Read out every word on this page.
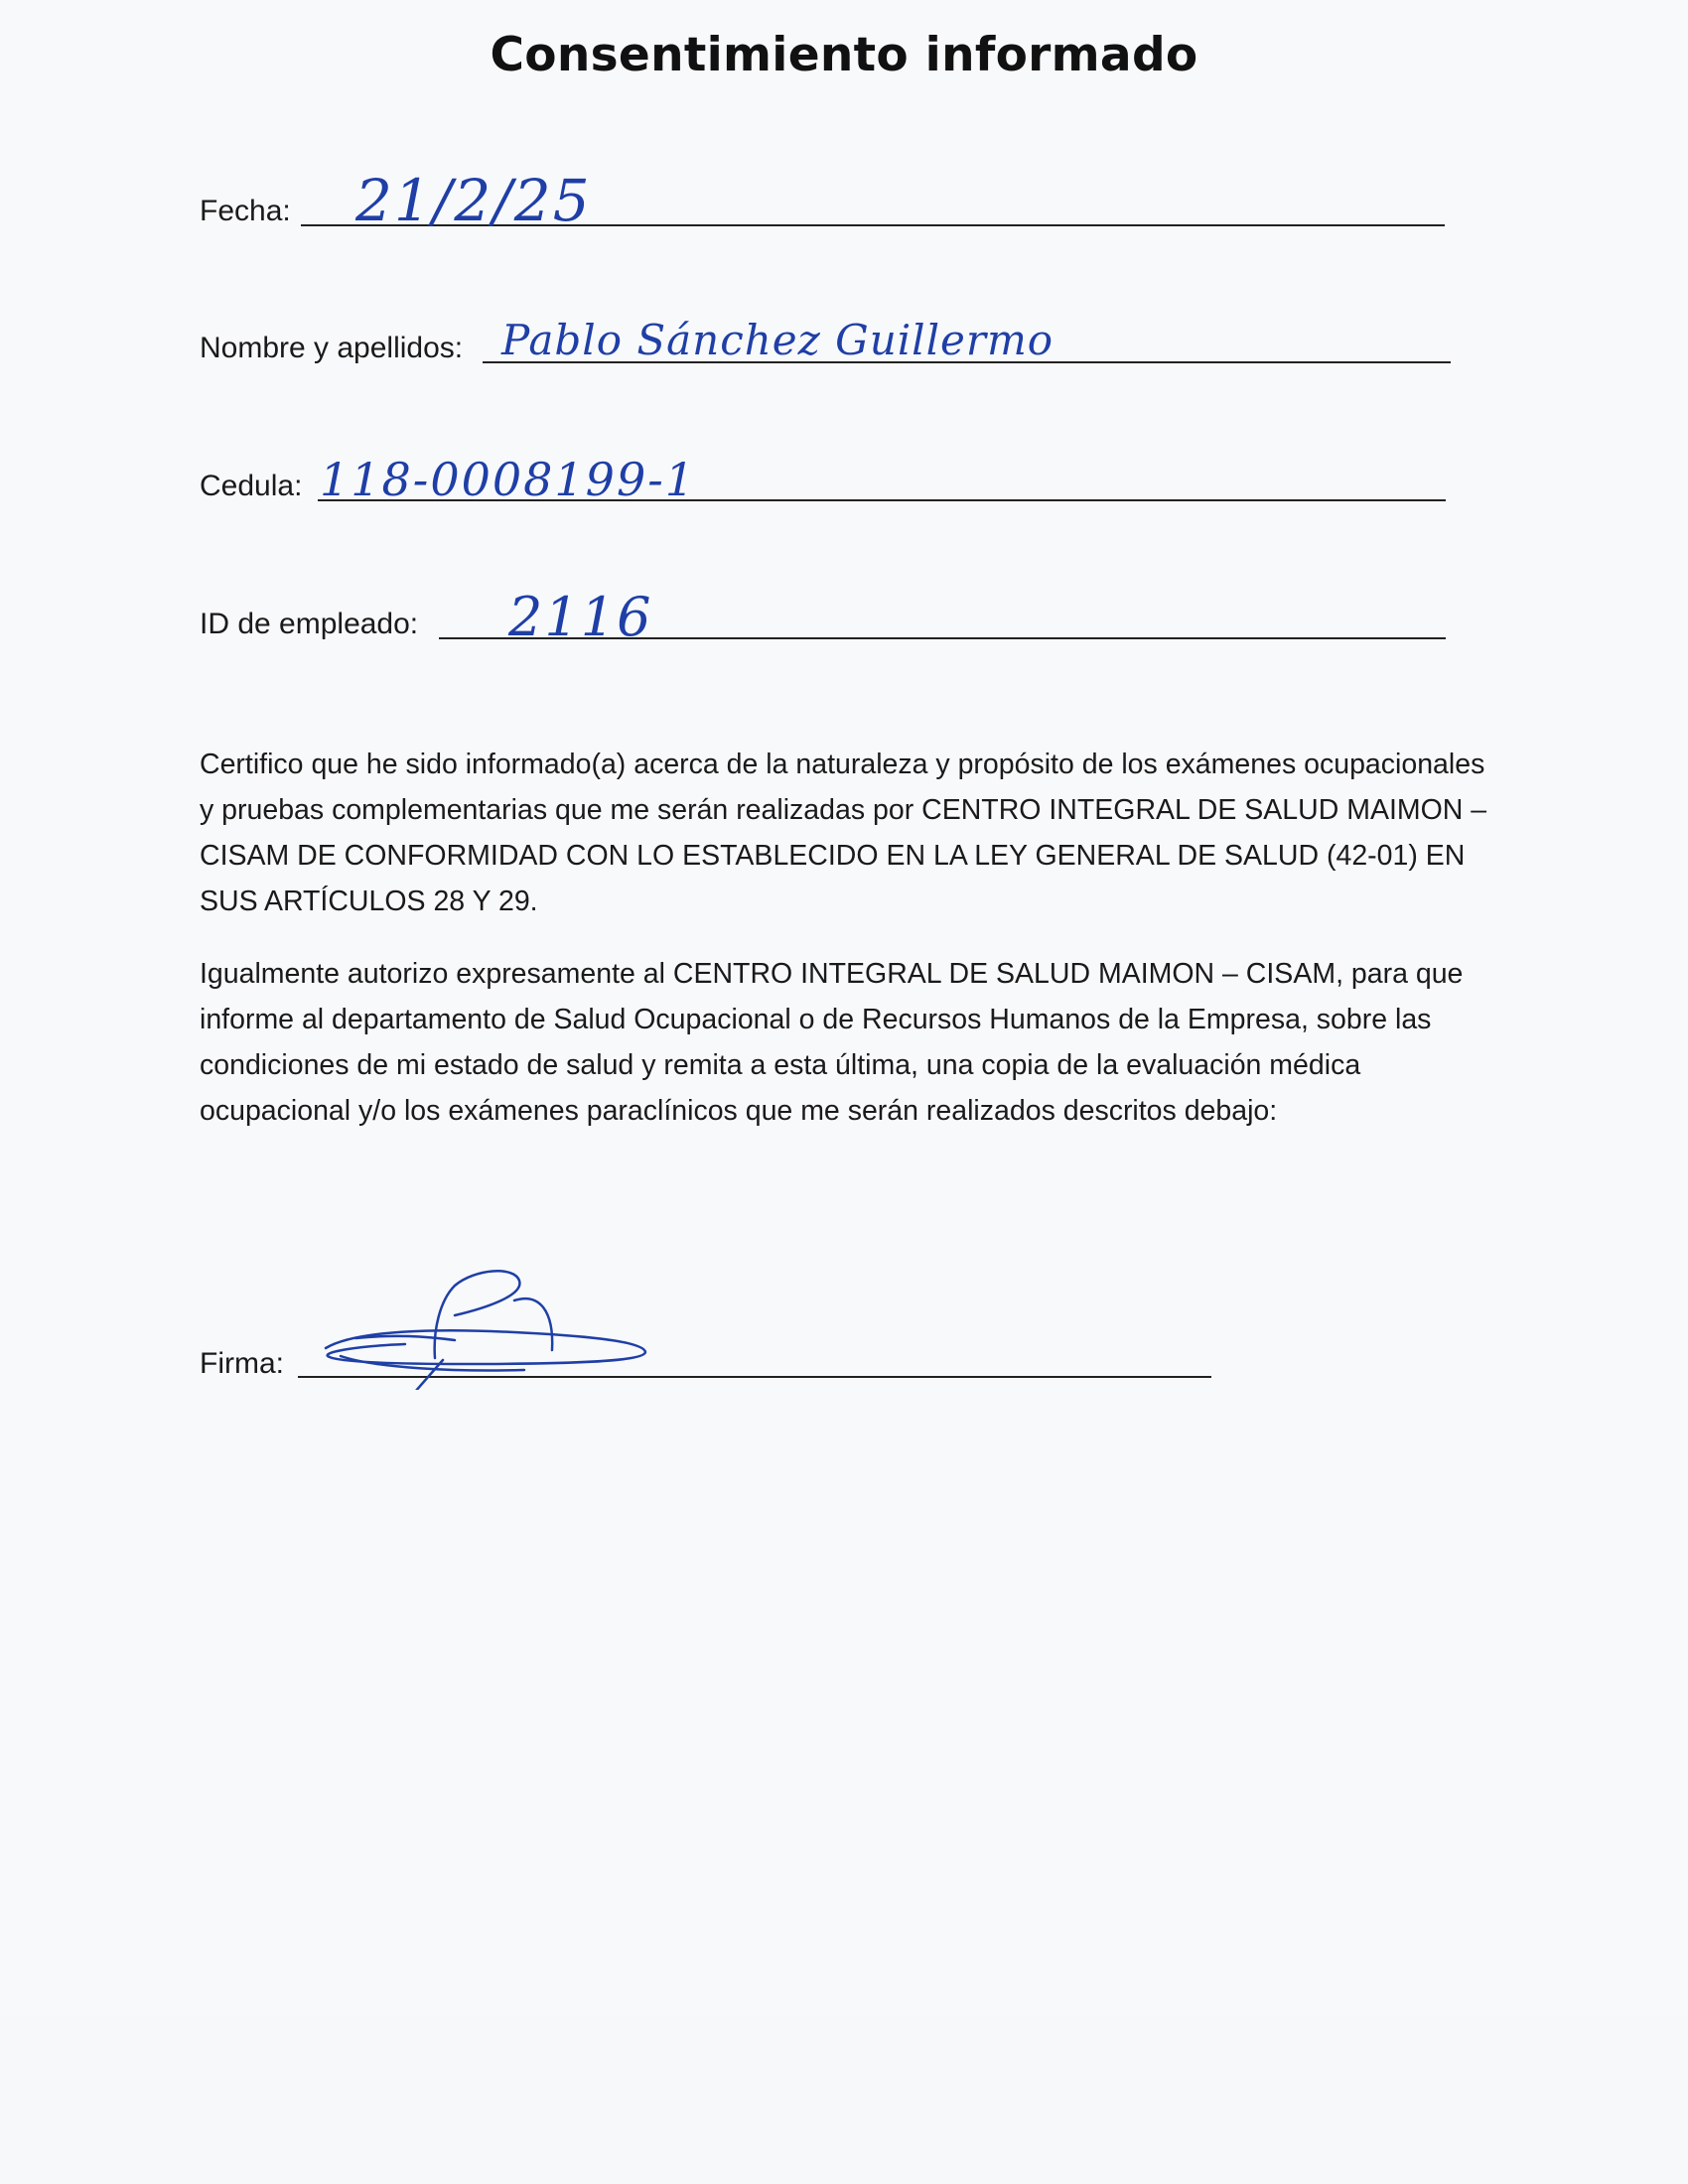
Consentimiento informado
Fecha: 21/2/25
Nombre y apellidos: Pablo Sánchez Guillermo
Cedula: 118-0008199-1
ID de empleado: 2116

Certifico que he sido informado(a) acerca de la naturaleza y propósito de los exámenes ocupacionales y pruebas complementarias que me serán realizadas por CENTRO INTEGRAL DE SALUD MAIMON – CISAM DE CONFORMIDAD CON LO ESTABLECIDO EN LA LEY GENERAL DE SALUD (42-01) EN SUS ARTÍCULOS 28 Y 29.

Igualmente autorizo expresamente al CENTRO INTEGRAL DE SALUD MAIMON – CISAM, para que informe al departamento de Salud Ocupacional o de Recursos Humanos de la Empresa, sobre las condiciones de mi estado de salud y remita a esta última, una copia de la evaluación médica ocupacional y/o los exámenes paraclínicos que me serán realizados descritos debajo:

Firma:
